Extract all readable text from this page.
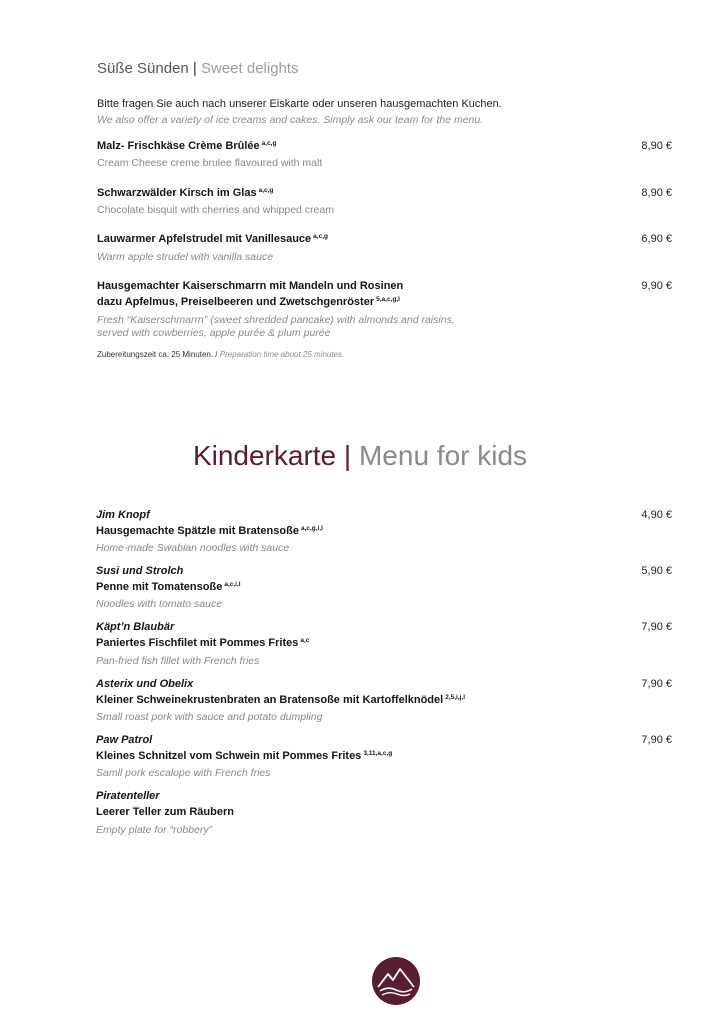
Süße Sünden | Sweet delights
Bitte fragen Sie auch nach unserer Eiskarte oder unseren hausgemachten Kuchen.
We also offer a variety of ice creams and cakes. Simply ask our team for the menu.
Malz- Frischkäse Crème Brûlée $^{a,c,g}$	8,90 €
Cream Cheese creme brulee flavoured with malt
Schwarzwälder Kirsch im Glas $^{a,c,g}$	8,90 €
Chocolate bisquit with cherries and whipped cream
Lauwarmer Apfelstrudel mit Vanillesauce $^{a,c,g}$	6,90 €
Warm apple strudel with vanilla sauce
Hausgemachter Kaiserschmarrn mit Mandeln und Rosinen	9,90 €
dazu Apfelmus, Preiselbeeren und Zwetschgenröster $^{5,a,c,g,l}$
Fresh “Kaiserschmarrn” (sweet shredded pancake) with almonds and raisins,
served with cowberries, apple purée & plum purée
Zubereitungszeit ca. 25 Minuten. / Preparation time about 25 minutes.
Kinderkarte | Menu for kids
Jim Knopf	4,90 €
Hausgemachte Spätzle mit Bratensoße $^{a,c,g,i,l}$
Home-made Swabian noodles with sauce
Susi und Strolch	5,90 €
Penne mit Tomatensoße $^{a,c,i,l}$
Noodles with tomato sauce
Käpt’n Blaubär	7,90 €
Paniertes Fischfilet mit Pommes Frites $^{a,c}$
Pan-fried fish fillet with French fries
Asterix und Obelix	7,90 €
Kleiner Schweinekrustenbraten an Bratensoße mit Kartoffelknödel $^{2,5,i,j,l}$
Small roast pork with sauce and potato dumpling
Paw Patrol	7,90 €
Kleines Schnitzel vom Schwein mit Pommes Frites $^{3,11,a,c,g}$
Samll pork escalope with French fries
Piratenteller
Leerer Teller zum Räubern
Empty plate for “robbery”
